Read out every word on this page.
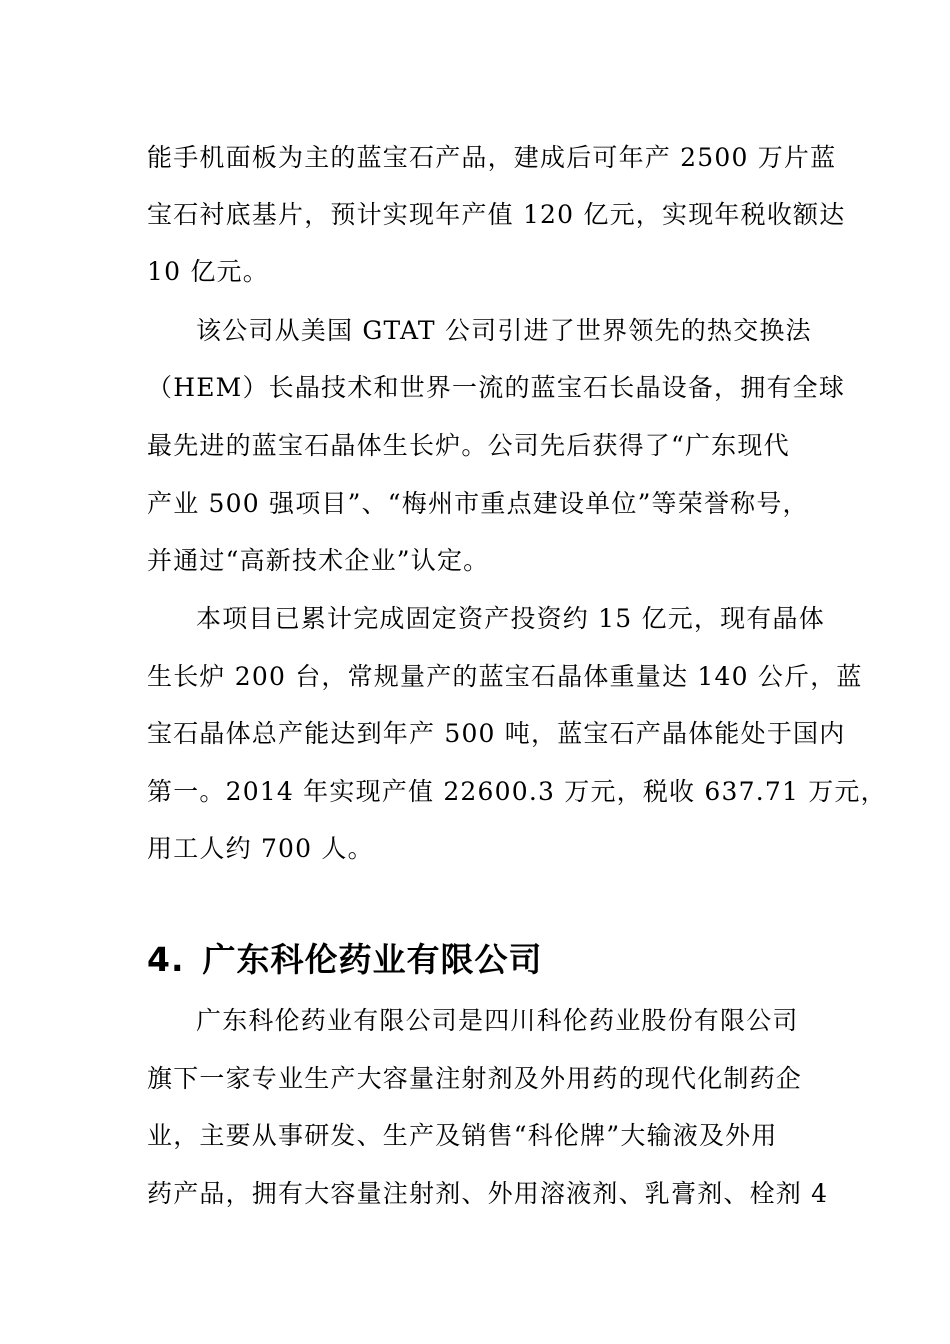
能手机面板为主的蓝宝石产品，建成后可年产 2500 万片蓝
宝石衬底基片，预计实现年产值 120 亿元，实现年税收额达
10 亿元。
该公司从美国 GTAT 公司引进了世界领先的热交换法
（HEM）长晶技术和世界一流的蓝宝石长晶设备，拥有全球
最先进的蓝宝石晶体生长炉。公司先后获得了“广东现代
产业 500 强项目”、“梅州市重点建设单位”等荣誉称号，
并通过“高新技术企业”认定。
本项目已累计完成固定资产投资约 15 亿元，现有晶体
生长炉 200 台，常规量产的蓝宝石晶体重量达 140 公斤，蓝
宝石晶体总产能达到年产 500 吨，蓝宝石产晶体能处于国内
第一。2014 年实现产值 22600.3 万元，税收 637.71 万元，
用工人约 700 人。
4. 广东科伦药业有限公司
广东科伦药业有限公司是四川科伦药业股份有限公司
旗下一家专业生产大容量注射剂及外用药的现代化制药企
业，主要从事研发、生产及销售“科伦牌”大输液及外用
药产品，拥有大容量注射剂、外用溶液剂、乳膏剂、栓剂 4
